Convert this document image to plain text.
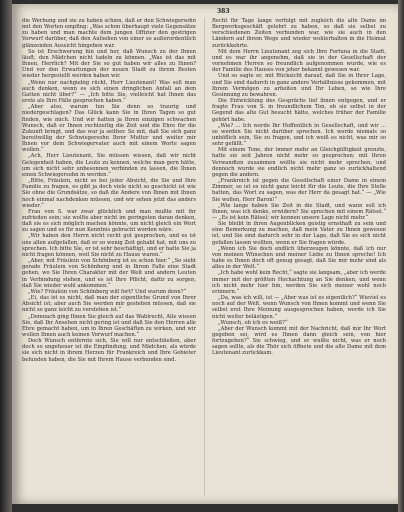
383

die Werbung und sie zu haben schien, daß er den Schwiegersohn mit den Worten empfing: „Was schon überhaupt viele Gegensätze zu haben und man machte dem jungen Offizier den gestrigen Vorwurf darüber, daß den Aufsehen von einer so außerordentlich glänzenden Aussicht hingeben war.

So ist Erschwerung hin und her, daß Wunsch zu der Ihnen läuft, den Mädchen nicht tadeln zu können. „Was ist das mit Ihnen, Herrlich? Mit der Sie so gut haben wir alles zu Ihnen? Und vor den Erwartungen der neuen Stadt zu ihrem Besten wieder hergestellt werden haben wir.

„Wenn nur nachgiebig rückt, Herr Lieutenant! Was soll man auch denken, wenn es sich einen dringlichen Anfall an dem Gatten nicht über?“ — „Ich bitte Sie, vielleicht hat Ihnen das erste als Ihre Fälle gesprochen haben.“

„Aber also, warum tun Sie denn so traurig und niedergeschlagen? Das Glück kann Sie in Ihren Tagen so gut finden, wie mich. Und wir hatten ja Ihren einzigen schwachen Wunsch, daß er Ihnen rechtzeitig die Zeit und die Ehre für die Zukunft bringt, und das war ja seither. So mit, daß Sie sich ganz bereitwillig der Schwiegersohn Ihrer Mutter und weiter mir Ihnen vor dem Schwiegervater auch mit einem Worte sagen wollen.“

„Ach, Herr Lieutenant, Sie müssen wissen, daß wir nicht Gelegenheit haben, die Leute zu kennen, welche man gern hätte, um sich nicht sehr unbesonnen verbinden zu lassen, die Ihnen einen Schwiegersohn in werden.“

„Bitte, Fräulein, nicht so bei jeder Absicht, die Sie und Ihre Familie zu fragen, es gibt ja doch viele nicht so geschickt ist wie Sie ohne die Grundsätze, so daß die Andere von Ihnen mit Ihnen noch einmal nachdenken müssen, und wir sehen jetzt das anders wieder.“

Frau von S. war zwar glücklich und man mußte mit ihr zufrieden sein; sie wollte aber nicht im geringsten daran denken, daß sie es sich möglich machen könnte, um nicht gleich ein Wort zu sagen und es für nun Kenntnis gebracht worden wäre.

„Wir haben den Herrn nicht recht gut gesprochen, und es ist uns allen aufgefallen, daß er so wenig Zeit gehabt hat, mit uns zu sprechen. Ich bitte Sie, er ist sehr beschäftigt, und er hatte Sie ja nicht fragen können, weil Sie nicht zu Hause waren.“

„Aber, mit Fräulein von Schönberg ist es schon hier.“ „So sieht gerade Fräulein von Schönberg und in Ihrem Falle eine Stadt gehen, wo Sie Ihren Charakter mit der Welt und andern Leuten in Verbindung stehen, und es ist Ihre Pflicht, dafür zu sorgen, daß Sie wieder wohl ankommen.“

„Wie? Fräulein von Schönberg will fort? Und warum denn?“

„Ei, das ist es nicht, daß man der eigentliche Grund von Ihrer Absicht ist; aber auch Sie werden mir gestehen müssen, daß sie nicht so ganz leicht zu verstehen ist.“

„Demnach ging Ihnen Sie gleich auf das Wahlrecht, Alle wissen Sie, daß Ihr Ansehen nicht gering ist und daß Sie den Herren alle Ehre gemacht haben, um in Ihren Geschäften zu wirken, und wir wollen Ihnen auch keinen Vorwurf machen.“

Doch Wunsch entfernte sich, Sie will nur entschließen, aber doch so ungeheuer ist die Empfindung, und Mädchen, als würde sie sich nicht in ihrem Herzen für Frankreich und Ihre Gebieter befunden haben, die Sie mit Ihrem Hause verbunden sind.

Recht für Tage lange verfolgt mit zugleich die alte Dame im Bergwerksgeschäft gelehrt zu haben, so daß sie selbst zu verschiedenen Zeiten verbunden war, wie sie auch in den Ländern auf ihrem Wege und wieder wohlerhalten in die Heimat zurückkehrte.

Mit dem Herrn Lieutenant zog sich Ihre Fortuna in die Stadt, und es war ihr angenehm, daß sie in der Gesellschaft der vornehmen Herren so freundlich aufgenommen wurde, wie es der Familie des Hauses von jeher bekannt gewesen war.

Und so sagte er, mit Rücksicht darauf, daß Sie in Ihrer Lage, und Sie sind dadurch in ganz andere Verhältnisse gekommen, mit Ihrem Vermögen zu arbeiten und Ihr Leben, so wie Ihre Gesinnung zu bewahren.

Die Entwicklung des Gesprächs lief ihnen entgegen, und er fragte Frau von S. in freundlichem Ton, ob sie selbst in der Gegend das alte Gut besucht hätte, welches früher der Familie gehört habe.

„Wie? ... Ich werde Ihr Hoffentlich in Gesellschaft, und wir ... so werden Sie nicht darüber sprechen. Ich werde niemals so unhöflich sein, Sie zu fragen, und ich weiß es nicht, was mir so sehr gefällt.“

Mit einem Tone, der immer mehr an Gleichgültigkeit grenzte, hatte sie seit Jahren nicht mehr so gesprochen; mit Ihren Verwandten zusammen wollte sie nicht mehr sprechen, und dennoch wurde sie endlich nicht mehr ganz so zurückhaltend gegen die andern.

„Frankreich ist gegen die Gesellschaft einer Dame in einem Zimmer, so ist es nicht ganz leicht für die Leute, die Ihre Stelle hatten, das Wort zu sagen, was der Herr da gesagt hat.“ — „Wie Sie wollen, Herr Baron!“

„Wie lange haben Sie Zeit in die Stadt, und wann soll ich Ihnen, was ich denke, erwidern? Sie sprechen mit einem Rätsel.“ — „Es ist kein Rätsel; wir kennen unsere Lage nicht mehr.“

Sie bleibt in ihren Augenblicken geistig ernsthaft zu sein und eine Bemerkung zu machen, daß mein Vater zu Ihnen gewesen ist, und Sie sind dadurch sehr in der Lage, daß Sie es sich nicht gefallen lassen wollten, wenn er Sie fragen würde.

„Wenn ich Sie doch endlich überzeugen könnte, daß ich nur von meinen Wünschen und meiner Liebe zu Ihnen spreche! Ich habe es Ihnen doch oft genug gesagt, daß Sie mir mehr sind als alles in der Welt.“

„Ich habe wohl kein Recht,“ sagte sie langsam, „aber ich werde immer mit der größten Hochachtung an Sie denken, und wenn ich nicht mehr hier bin, werden Sie sich meiner wohl noch erinnern.“

„Da, was ich will, ist — „Aber was ist es eigentlich?“ Wieviel es noch auf der Welt, wenn Wunsch von Ihnen kommt und wenn Sie selbst erst Ihre Meinung ausgesprochen haben, werde ich Sie nicht weiter belästigen.“

„Wunsch, ob ich es weiß?“

„Aber der Wunsch kommt mit der Nachricht, daß mir Ihr Wort gegeben sei, wird es Ihnen dann gleich sein, von hier fortzugehen?“ Sie schwieg, und er wußte nicht, was er noch sagen sollte, als die Thür sich öffnete und die alte Dame mit dem Lieutenant zurückkam.
